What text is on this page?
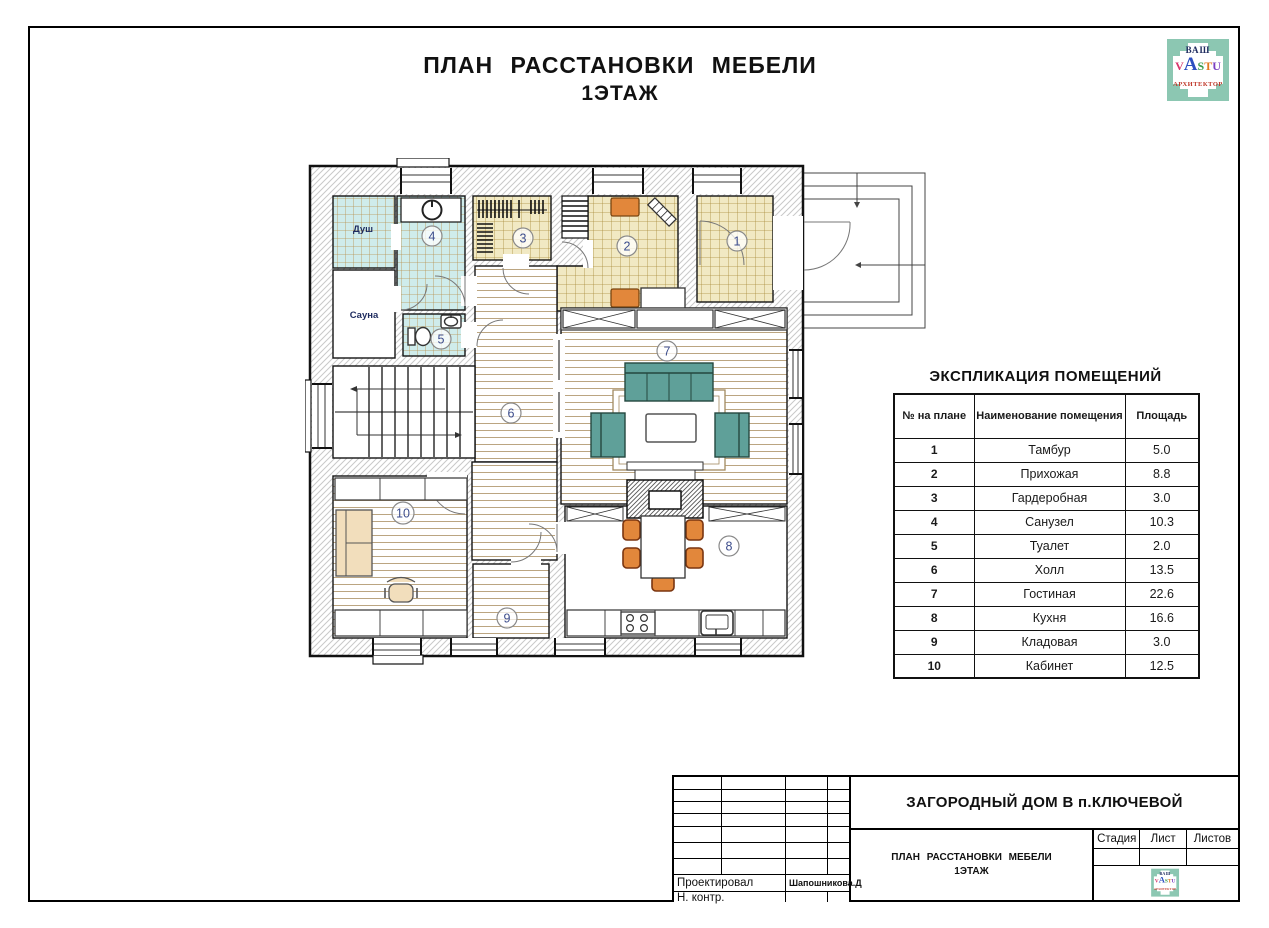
ПЛАН РАССТАНОВКИ МЕБЕЛИ
1ЭТАЖ
ВАШ
VASTU
АРХИТЕКТОР
Душ
Сауна
1
2
3
4
5
6
7
8
9
10
ЭКСПЛИКАЦИЯ ПОМЕЩЕНИЙ
№ на плане	Наименование помещения	Площадь
1	Тамбур	5.0
2	Прихожая	8.8
3	Гардеробная	3.0
4	Санузел	10.3
5	Туалет	2.0
6	Холл	13.5
7	Гостиная	22.6
8	Кухня	16.6
9	Кладовая	3.0
10	Кабинет	12.5
Проектировал	Шапошникова.Д
Н. контр.
ЗАГОРОДНЫЙ ДОМ В п.КЛЮЧЕВОЙ
ПЛАН РАССТАНОВКИ МЕБЕЛИ
1ЭТАЖ
Стадия	Лист	Листов
ВАШ
VASTU
АРХИТЕКТОР
